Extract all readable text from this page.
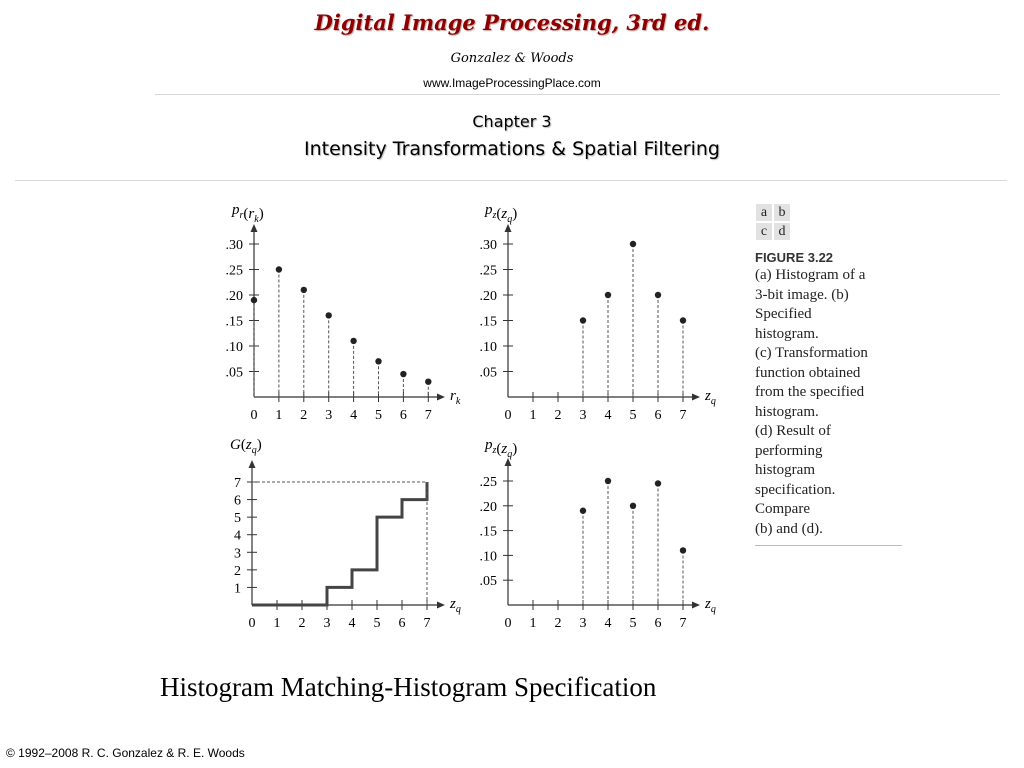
Digital Image Processing, 3rd ed.
Gonzalez & Woods
www.ImageProcessingPlace.com
Chapter 3
Intensity Transformations & Spatial Filtering
$p_r(r_k)$
$r_k$
.05
.10
.15
.20
.25
.30
0 1 2 3 4 5 6 7
$p_z(z_q)$
$z_q$
.05
.10
.15
.20
.25
.30
0 1 2 3 4 5 6 7
$G(z_q)$
$z_q$
1
2
3
4
5
6
7
0 1 2 3 4 5 6 7
$p_z(z_q)$
$z_q$
.05
.10
.15
.20
.25
0 1 2 3 4 5 6 7
a b
c d
FIGURE 3.22
(a) Histogram of a
3-bit image. (b)
Specified
histogram.
(c) Transformation
function obtained
from the specified
histogram.
(d) Result of
performing
histogram
specification.
Compare
(b) and (d).
Histogram Matching-Histogram Specification
© 1992–2008 R. C. Gonzalez & R. E. Woods
